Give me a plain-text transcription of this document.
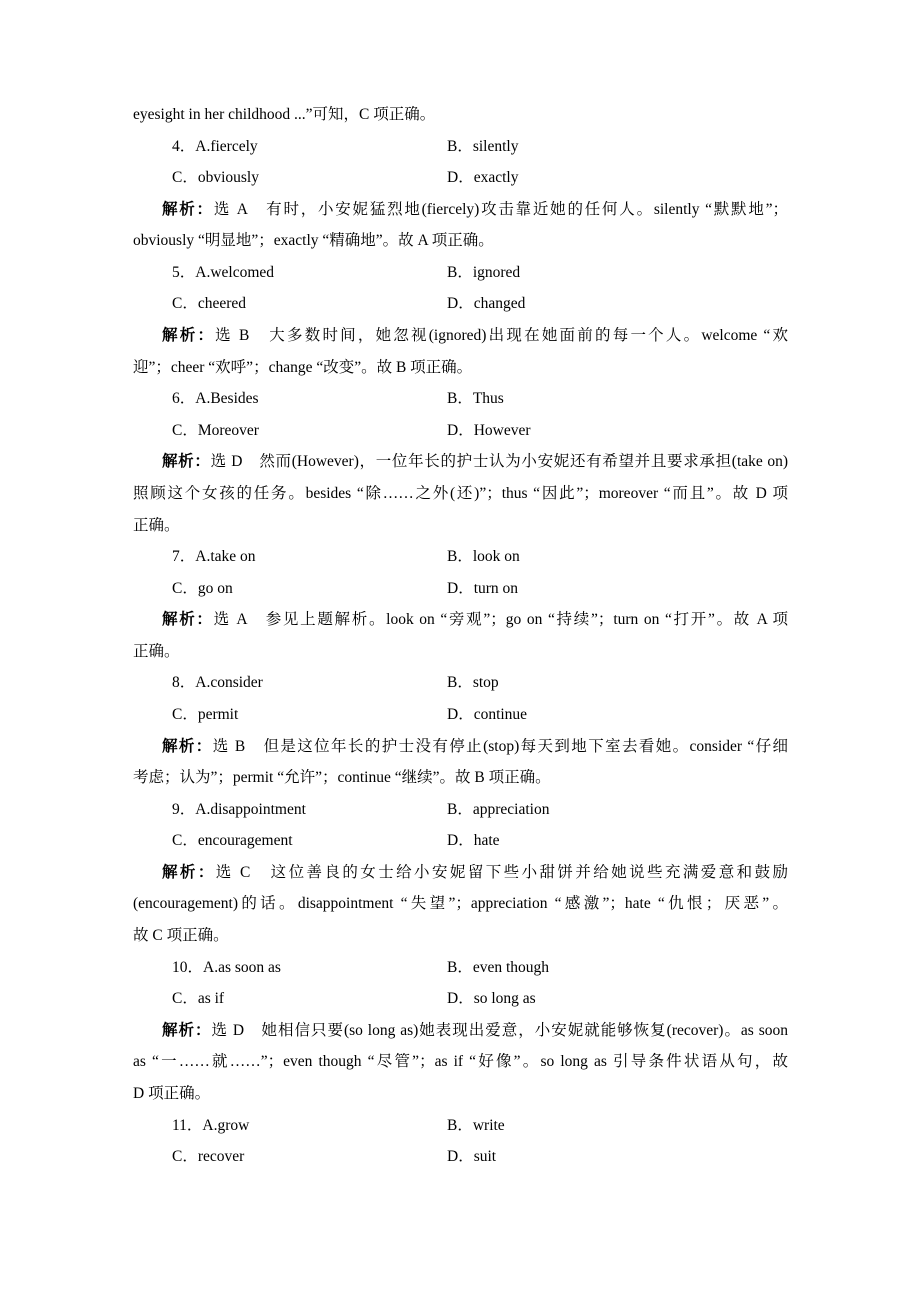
eyesight in her childhood ...”可知，C 项正确。
4．A.fiercely	B．silently
C．obviously	D．exactly
解析：选 A　有时，小安妮猛烈地(fiercely)攻击靠近她的任何人。silently “默默地”；
obviously “明显地”；exactly “精确地”。故 A 项正确。
5．A.welcomed	B．ignored
C．cheered	D．changed
解析：选 B　大多数时间，她忽视(ignored)出现在她面前的每一个人。welcome “欢
迎”；cheer “欢呼”；change “改变”。故 B 项正确。
6．A.Besides	B．Thus
C．Moreover	D．However
解析：选 D　然而(However)，一位年长的护士认为小安妮还有希望并且要求承担(take on)
照顾这个女孩的任务。besides “除……之外(还)”；thus “因此”；moreover “而且”。故 D 项
正确。
7．A.take on	B．look on
C．go on	D．turn on
解析：选 A　参见上题解析。look on “旁观”；go on “持续”；turn on “打开”。故 A 项
正确。
8．A.consider	B．stop
C．permit	D．continue
解析：选 B　但是这位年长的护士没有停止(stop)每天到地下室去看她。consider “仔细
考虑；认为”；permit “允许”；continue “继续”。故 B 项正确。
9．A.disappointment	B．appreciation
C．encouragement	D．hate
解析：选 C　这位善良的女士给小安妮留下些小甜饼并给她说些充满爱意和鼓励
(encouragement)的话。disappointment “失望”；appreciation “感激”；hate “仇恨；厌恶”。
故 C 项正确。
10．A.as soon as	B．even though
C．as if	D．so long as
解析：选 D　她相信只要(so long as)她表现出爱意，小安妮就能够恢复(recover)。as soon
as “一……就……”；even though “尽管”；as if “好像”。so long as 引导条件状语从句，故
D 项正确。
11．A.grow	B．write
C．recover	D．suit
